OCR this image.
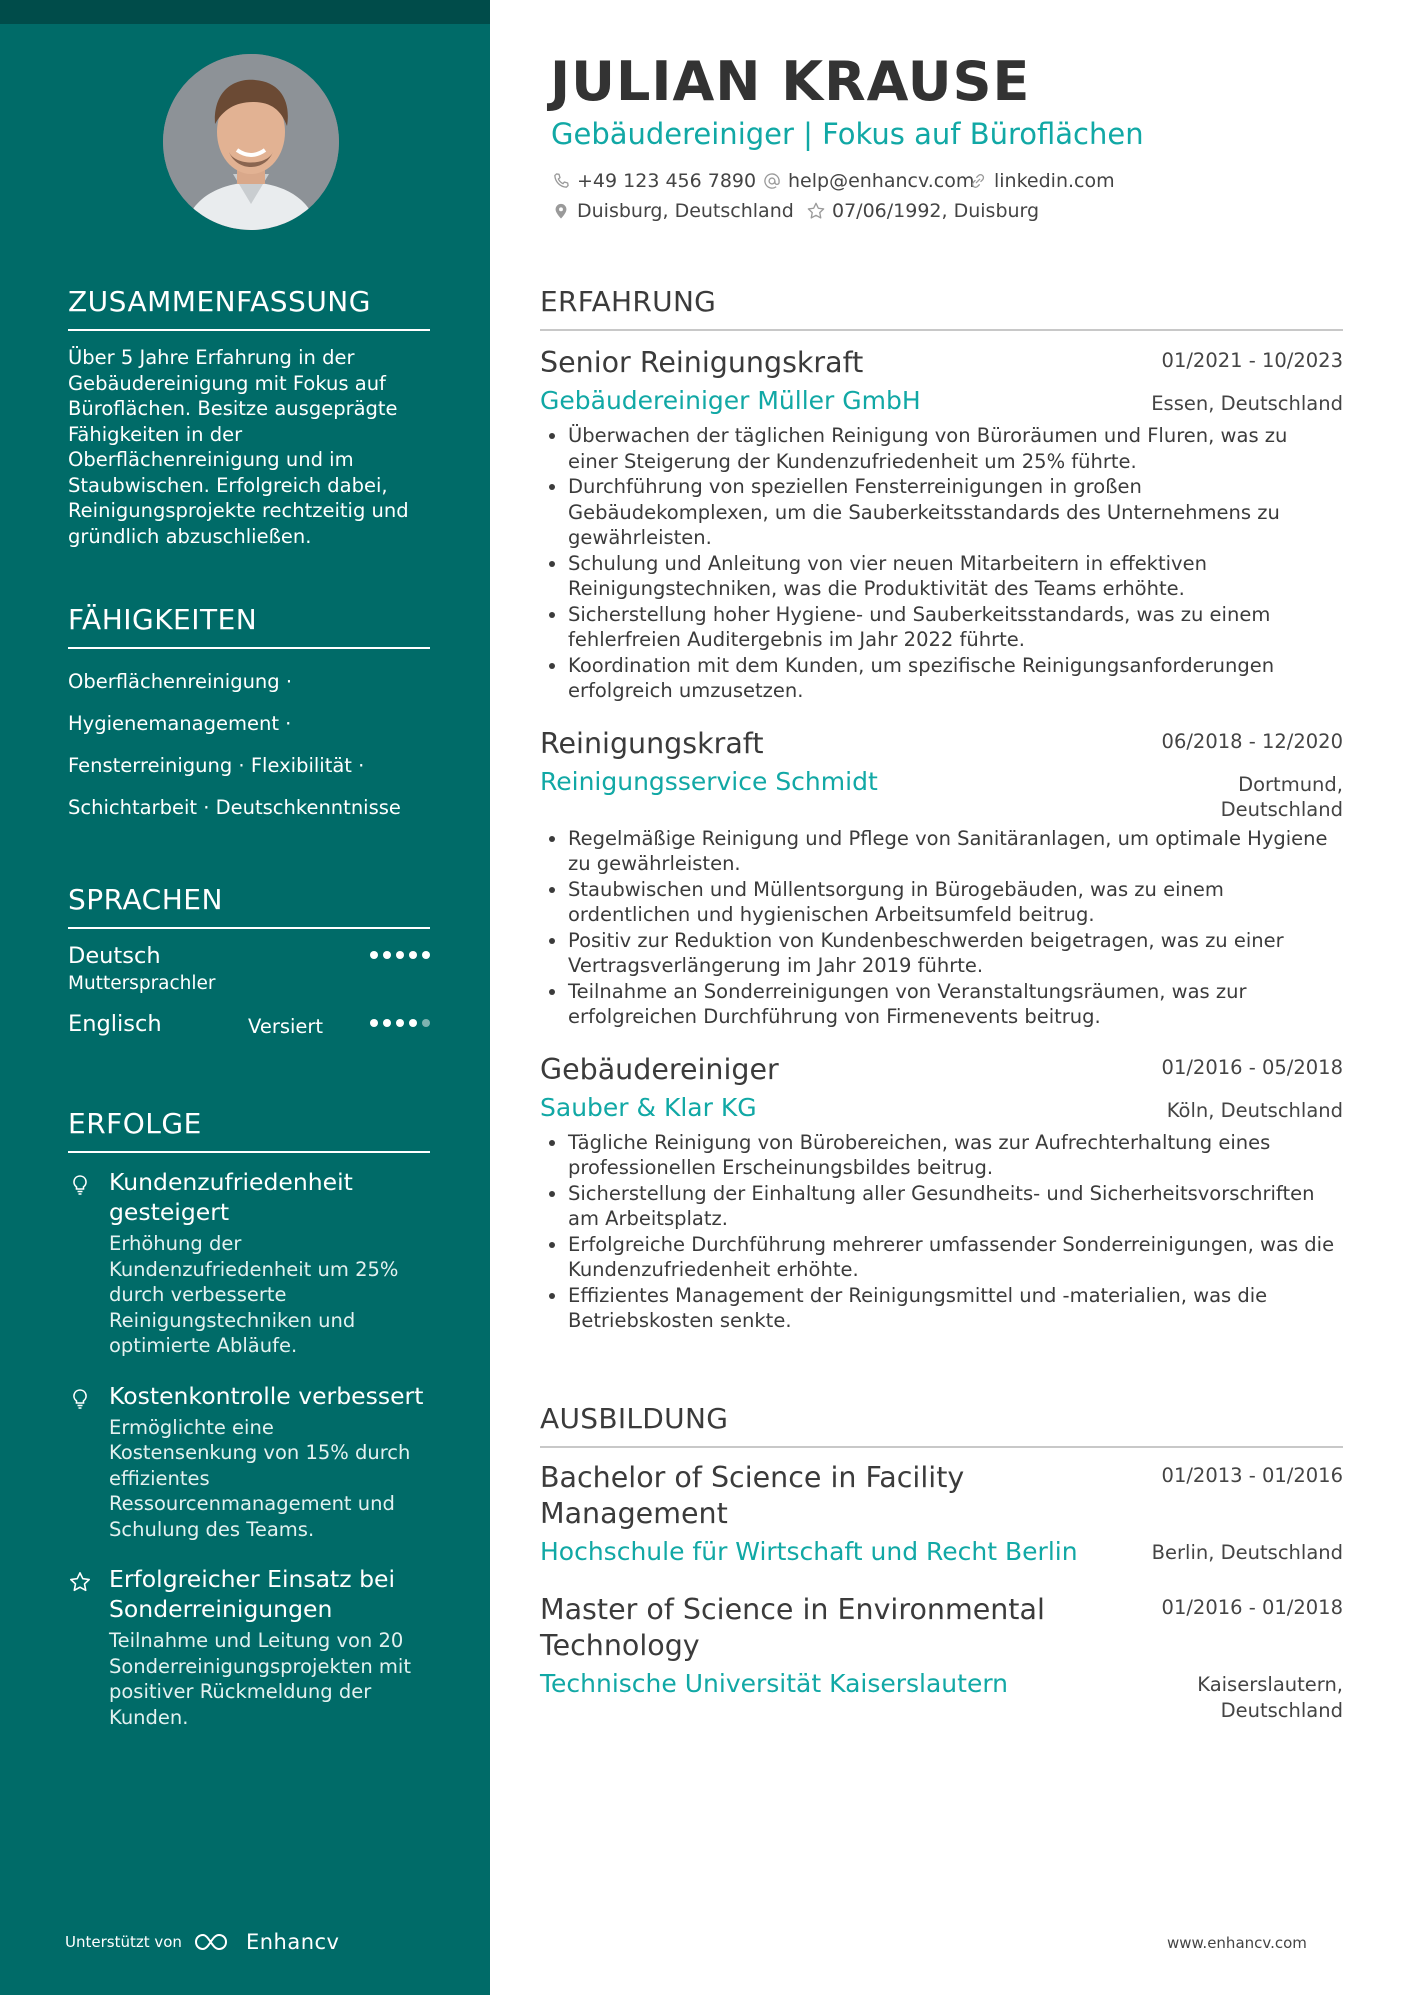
ZUSAMMENFASSUNG
Über 5 Jahre Erfahrung in der
Gebäudereinigung mit Fokus auf
Büroflächen. Besitze ausgeprägte
Fähigkeiten in der
Oberflächenreinigung und im
Staubwischen. Erfolgreich dabei,
Reinigungsprojekte rechtzeitig und
gründlich abzuschließen.
FÄHIGKEITEN
Oberflächenreinigung ·
Hygienemanagement ·
Fensterreinigung · Flexibilität ·
Schichtarbeit · Deutschkenntnisse
SPRACHEN
Deutsch
Muttersprachler
Englisch	Versiert
ERFOLGE
Kundenzufriedenheit
gesteigert
Erhöhung der
Kundenzufriedenheit um 25%
durch verbesserte
Reinigungstechniken und
optimierte Abläufe.
Kostenkontrolle verbessert
Ermöglichte eine
Kostensenkung von 15% durch
effizientes
Ressourcenmanagement und
Schulung des Teams.
Erfolgreicher Einsatz bei
Sonderreinigungen
Teilnahme und Leitung von 20
Sonderreinigungsprojekten mit
positiver Rückmeldung der
Kunden.
Unterstützt von	Enhancv
JULIAN KRAUSE
Gebäudereiniger | Fokus auf Büroflächen
+49 123 456 7890 help@enhancv.com linkedin.com
Duisburg, Deutschland 07/06/1992, Duisburg
ERFAHRUNG
Senior Reinigungskraft	01/2021 - 10/2023
Gebäudereiniger Müller GmbH	Essen, Deutschland
• Überwachen der täglichen Reinigung von Büroräumen und Fluren, was zu
einer Steigerung der Kundenzufriedenheit um 25% führte.
• Durchführung von speziellen Fensterreinigungen in großen
Gebäudekomplexen, um die Sauberkeitsstandards des Unternehmens zu
gewährleisten.
• Schulung und Anleitung von vier neuen Mitarbeitern in effektiven
Reinigungstechniken, was die Produktivität des Teams erhöhte.
• Sicherstellung hoher Hygiene- und Sauberkeitsstandards, was zu einem
fehlerfreien Auditergebnis im Jahr 2022 führte.
• Koordination mit dem Kunden, um spezifische Reinigungsanforderungen
erfolgreich umzusetzen.
Reinigungskraft	06/2018 - 12/2020
Reinigungsservice Schmidt	Dortmund,
Deutschland
• Regelmäßige Reinigung und Pflege von Sanitäranlagen, um optimale Hygiene
zu gewährleisten.
• Staubwischen und Müllentsorgung in Bürogebäuden, was zu einem
ordentlichen und hygienischen Arbeitsumfeld beitrug.
• Positiv zur Reduktion von Kundenbeschwerden beigetragen, was zu einer
Vertragsverlängerung im Jahr 2019 führte.
• Teilnahme an Sonderreinigungen von Veranstaltungsräumen, was zur
erfolgreichen Durchführung von Firmenevents beitrug.
Gebäudereiniger	01/2016 - 05/2018
Sauber & Klar KG	Köln, Deutschland
• Tägliche Reinigung von Bürobereichen, was zur Aufrechterhaltung eines
professionellen Erscheinungsbildes beitrug.
• Sicherstellung der Einhaltung aller Gesundheits- und Sicherheitsvorschriften
am Arbeitsplatz.
• Erfolgreiche Durchführung mehrerer umfassender Sonderreinigungen, was die
Kundenzufriedenheit erhöhte.
• Effizientes Management der Reinigungsmittel und -materialien, was die
Betriebskosten senkte.
AUSBILDUNG
Bachelor of Science in Facility
Management
01/2013 - 01/2016
Hochschule für Wirtschaft und Recht Berlin	Berlin, Deutschland
Master of Science in Environmental
Technology
01/2016 - 01/2018
Technische Universität Kaiserslautern	Kaiserslautern,
Deutschland
www.enhancv.com
